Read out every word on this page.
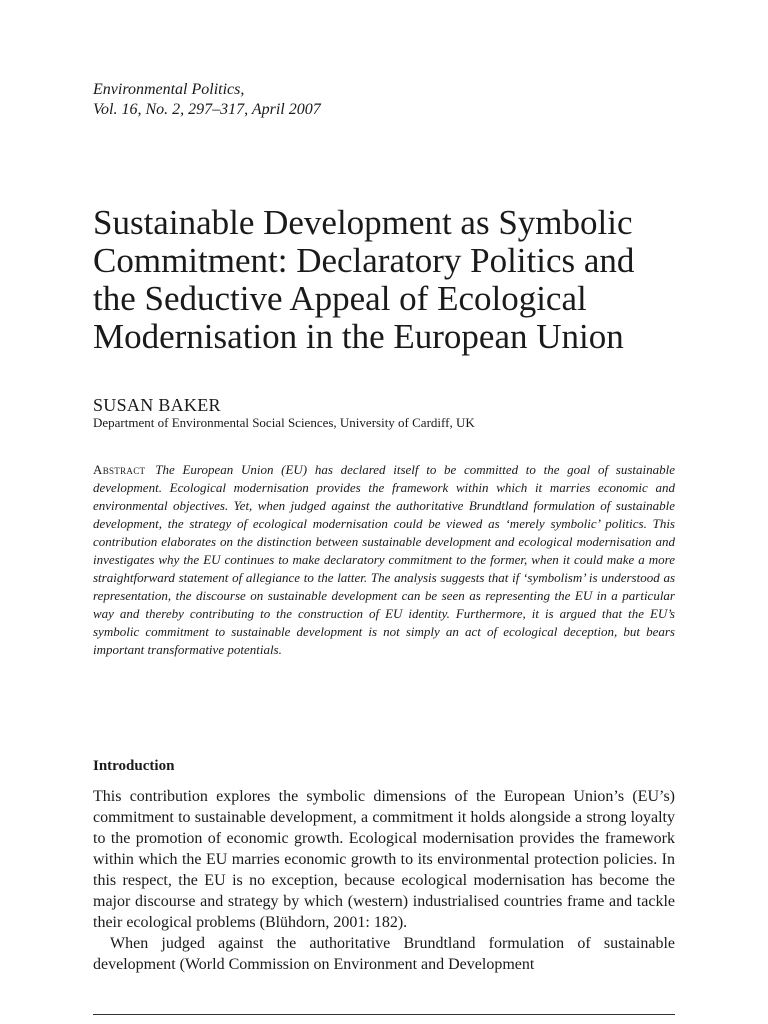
Environmental Politics,
Vol. 16, No. 2, 297–317, April 2007
Sustainable Development as Symbolic
Commitment: Declaratory Politics and
the Seductive Appeal of Ecological
Modernisation in the European Union
SUSAN BAKER
Department of Environmental Social Sciences, University of Cardiff, UK

Abstract The European Union (EU) has declared itself to be committed to the goal of sustainable development. Ecological modernisation provides the framework within which it marries economic and environmental objectives. Yet, when judged against the authoritative Brundtland formulation of sustainable development, the strategy of ecological modernisation could be viewed as ‘merely symbolic’ politics. This contribution elaborates on the distinction between sustainable development and ecological modernisation and investigates why the EU continues to make declaratory commitment to the former, when it could make a more straightforward statement of allegiance to the latter. The analysis suggests that if ‘symbolism’ is understood as representation, the discourse on sustainable development can be seen as representing the EU in a particular way and thereby contributing to the construction of EU identity. Furthermore, it is argued that the EU’s symbolic commitment to sustainable development is not simply an act of ecological deception, but bears important transformative potentials.

Introduction

This contribution explores the symbolic dimensions of the European Union’s (EU’s) commitment to sustainable development, a commitment it holds alongside a strong loyalty to the promotion of economic growth. Ecological modernisation provides the framework within which the EU marries economic growth to its environmental protection policies. In this respect, the EU is no exception, because ecological modernisation has become the major discourse and strategy by which (western) industrialised countries frame and tackle their ecological problems (Blühdorn, 2001: 182).

When judged against the authoritative Brundtland formulation of sustainable development (World Commission on Environment and Development
